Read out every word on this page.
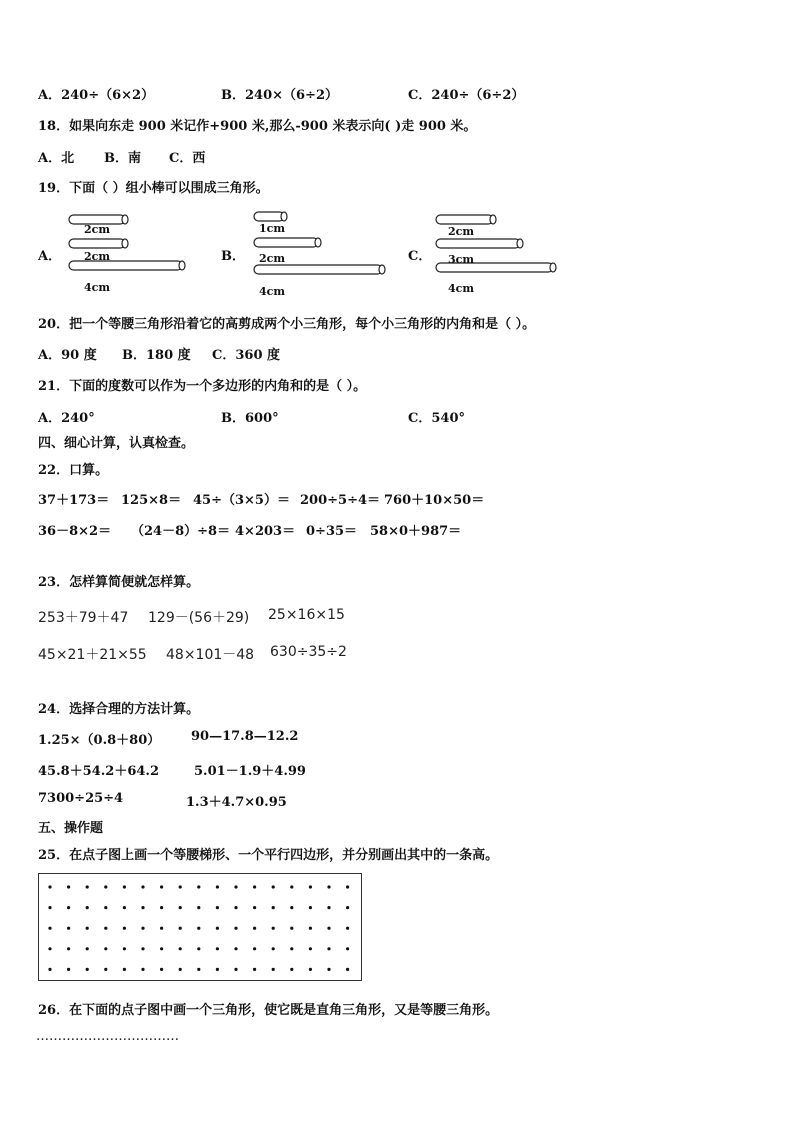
A．240÷（6×2）	B．240×（6÷2）	C．240÷（6÷2）
18．如果向东走 900 米记作+900 米,那么-900 米表示向( )走 900 米。
A．北 B．南 C．西
19．下面（ ）组小棒可以围成三角形。
A．	B．	C．
2cm
2cm
4cm
1cm
2cm
4cm
2cm
3cm
4cm
20．把一个等腰三角形沿着它的高剪成两个小三角形，每个小三角形的内角和是（ ）。
A．90 度 B．180 度 C．360 度
21．下面的度数可以作为一个多边形的内角和的是（ ）。
A．240°	B．600°	C．540°
四、细心计算，认真检查。
22．口算。
37＋173＝ 125×8＝ 45÷（3×5）＝ 200÷5÷4＝ 760＋10×50＝
36－8×2＝ （24－8）÷8＝ 4×203＝ 0÷35＝ 58×0＋987＝
23．怎样算简便就怎样算。
253＋79＋47 129－(56＋29) 25×16×15
45×21＋21×55 48×101－48 630÷35÷2
24．选择合理的方法计算。
1.25×（0.8＋80） 90—17.8—12.2
45.8＋54.2＋64.2	5.01－1.9＋4.99
7300÷25÷4	1.3＋4.7×0.95
五、操作题
25．在点子图上画一个等腰梯形、一个平行四边形，并分别画出其中的一条高。
26．在下面的点子图中画一个三角形，使它既是直角三角形，又是等腰三角形。
……………………………
